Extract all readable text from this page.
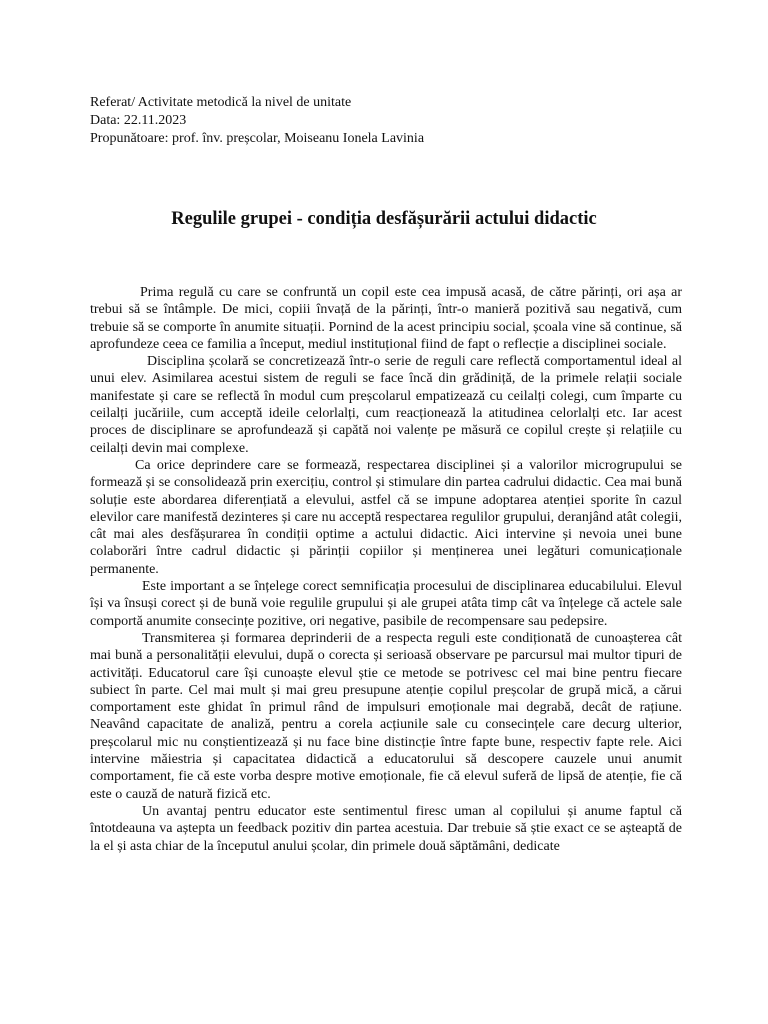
Referat/ Activitate metodică la nivel de unitate
Data: 22.11.2023
Propunătoare: prof. înv. preșcolar, Moiseanu Ionela Lavinia
Regulile grupei - condiția desfășurării actului didactic

Prima regulă cu care se confruntă un copil este cea impusă acasă, de către părinți, ori așa ar trebui să se întâmple. De mici, copiii învață de la părinți, într-o manieră pozitivă sau negativă, cum trebuie să se comporte în anumite situații. Pornind de la acest principiu social, școala vine să continue, să aprofundeze ceea ce familia a început, mediul instituțional fiind de fapt o reflecție a disciplinei sociale.

Disciplina școlară se concretizează într-o serie de reguli care reflectă comportamentul ideal al unui elev. Asimilarea acestui sistem de reguli se face încă din grădiniță, de la primele relații sociale manifestate și care se reflectă în modul cum preșcolarul empatizează cu ceilalți colegi, cum împarte cu ceilalți jucăriile, cum acceptă ideile celorlalți, cum reacționează la atitudinea celorlalți etc. Iar acest proces de disciplinare se aprofundează și capătă noi valențe pe măsură ce copilul crește și relațiile cu ceilalți devin mai complexe.

Ca orice deprindere care se formează, respectarea disciplinei și a valorilor microgrupului se formează și se consolidează prin exercițiu, control și stimulare din partea cadrului didactic. Cea mai bună soluție este abordarea diferențiată a elevului, astfel că se impune adoptarea atenției sporite în cazul elevilor care manifestă dezinteres și care nu acceptă respectarea regulilor grupului, deranjând atât colegii, cât mai ales desfășurarea în condiții optime a actului didactic. Aici intervine și nevoia unei bune colaborări între cadrul didactic și părinții copiilor și menținerea unei legături comunicaționale permanente.

Este important a se înțelege corect semnificația procesului de disciplinarea educabilului. Elevul își va însuși corect și de bună voie regulile grupului și ale grupei atâta timp cât va înțelege că actele sale comportă anumite consecințe pozitive, ori negative, pasibile de recompensare sau pedepsire.

Transmiterea și formarea deprinderii de a respecta reguli este condiționată de cunoașterea cât mai bună a personalității elevului, după o corecta și serioasă observare pe parcursul mai multor tipuri de activități. Educatorul care își cunoaște elevul știe ce metode se potrivesc cel mai bine pentru fiecare subiect în parte. Cel mai mult și mai greu presupune atenție copilul preșcolar de grupă mică, a cărui comportament este ghidat în primul rând de impulsuri emoționale mai degrabă, decât de rațiune. Neavând capacitate de analiză, pentru a corela acțiunile sale cu consecințele care decurg ulterior, preșcolarul mic nu conștientizează și nu face bine distincție între fapte bune, respectiv fapte rele. Aici intervine măiestria și capacitatea didactică a educatorului să descopere cauzele unui anumit comportament, fie că este vorba despre motive emoționale, fie că elevul suferă de lipsă de atenție, fie că este o cauză de natură fizică etc.

Un avantaj pentru educator este sentimentul firesc uman al copilului și anume faptul că întotdeauna va aștepta un feedback pozitiv din partea acestuia. Dar trebuie să știe exact ce se așteaptă de la el și asta chiar de la începutul anului școlar, din primele două săptămâni, dedicate
